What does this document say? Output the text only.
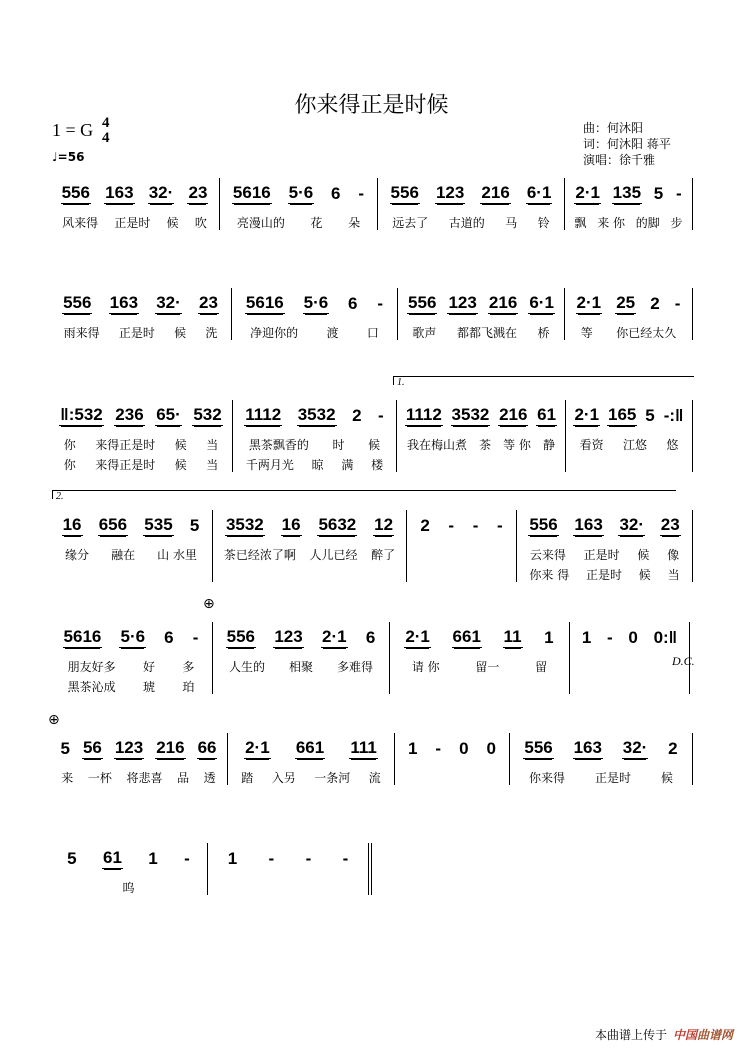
你来得正是时候
1 = G 4
4
♩=56
曲：何沐阳
词：何沐阳 蒋平
演唱：徐千雅
1.
2.
⊕
⊕
D.C.
556 163 32· 23
风来得 正是时 候 吹
5616 5·6 6 -
亮漫山的 花 朵
556 123 216 6·1
远去了 古道的 马 铃
2·1 135 5 -
飘 来 你 的脚 步
556 163 32· 23
雨来得 正是时 候 洗
5616 5·6 6 -
净迎你的 渡 口
556 123 216 6·1
歌声 都都飞溅在 桥
2·1 25 2 -
等 你已经太久
‖:532 236 65· 532
你 来得正是时 候 当
你 来得正是时 候 当
1112 3532 2 -
黑茶飘香的 时 候
千两月光 晾 满 楼
1112 3532 216 61
我在梅山煮 茶 等 你 静
2·1 165 5 -:‖
看资 江悠 悠
16 656 535 5
缘分 融在 山 水里
3532 16 5632 12
茶已经浓了啊 人儿已经 醉了
2 - - - 556 163 32· 23
云来得 正是时 候 像
你来 得 正是时 候 当
5616 5·6 6 -
朋友好多 好 多
黑茶沁成 琥 珀
556 123 2·1 6
人生的 相聚 多难得
2·1 661 11 1
请 你	留一	留
1 - 0 0:‖
5 56 123 216 66
来 一杯 将悲喜 品 透
2·1 661 111
踏 入另 一条河 流
1 - 0 0 556 163 32· 2
你来得 正是时 候
5 61 1 -
呜
1 - - -
本曲谱上传于 中国曲谱网
